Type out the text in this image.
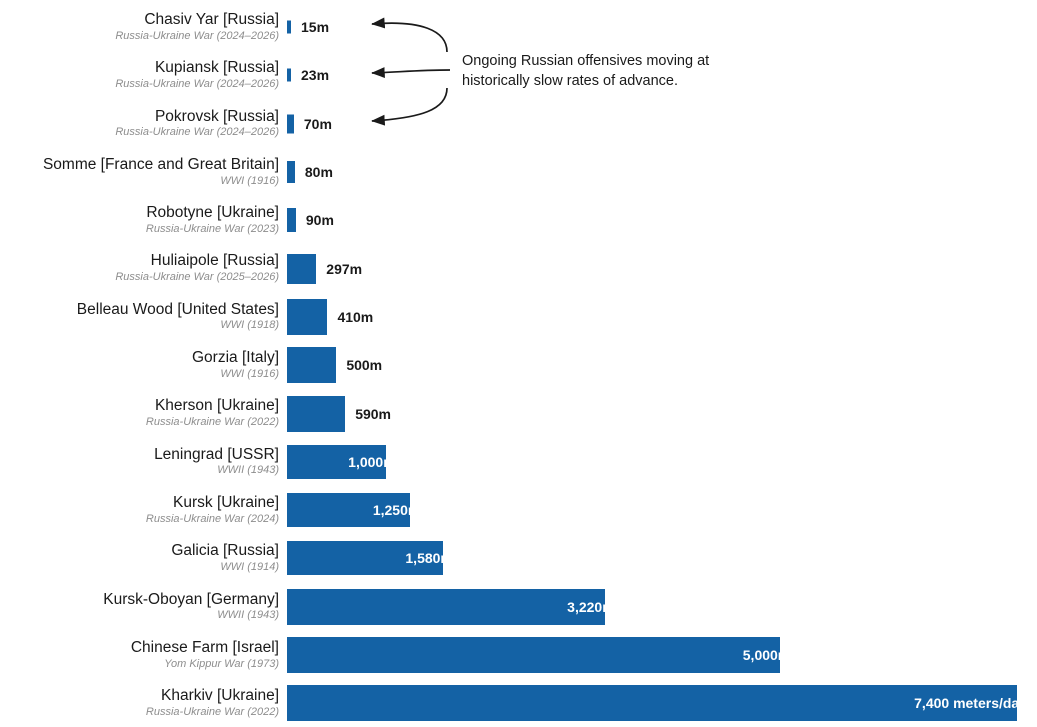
Kharkiv [Ukraine]
Russia-Ukraine War (2022)
7,400 meters/day
Chinese Farm [Israel]
Yom Kippur War (1973)
5,000m
Kursk-Oboyan [Germany]
WWII (1943)
3,220m
Galicia [Russia]
WWI (1914)
1,580m
Kursk [Ukraine]
Russia-Ukraine War (2024)
1,250m
Leningrad [USSR]
WWII (1943)
1,000m
Kherson [Ukraine]
Russia-Ukraine War (2022)
590m
Gorzia [Italy]
WWI (1916)
500m
Belleau Wood [United States]
WWI (1918)
410m
Huliaipole [Russia]
Russia-Ukraine War (2025–2026)
297m
Robotyne [Ukraine]
Russia-Ukraine War (2023)
90m
Somme [France and Great Britain]
WWI (1916)
80m
Pokrovsk [Russia]
Russia-Ukraine War (2024–2026)
70m
Kupiansk [Russia]
Russia-Ukraine War (2024–2026)
23m
Chasiv Yar [Russia]
Russia-Ukraine War (2024–2026)
15m
Ongoing Russian offensives moving at historically slow rates of advance.
